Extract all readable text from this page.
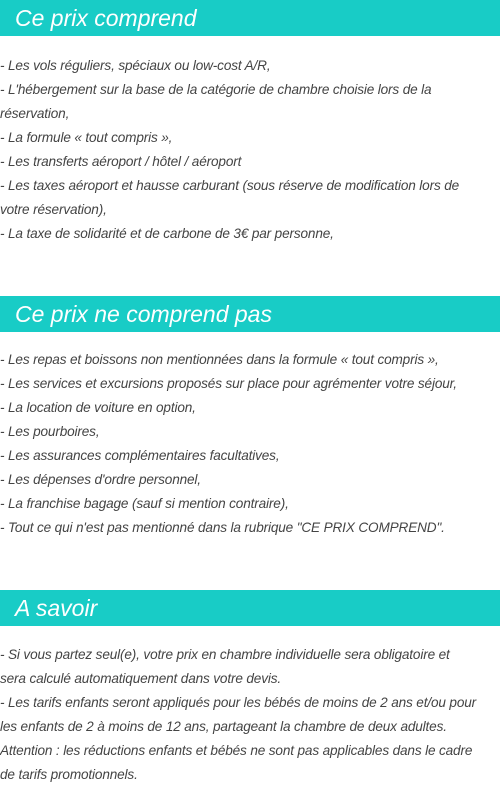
Ce prix comprend
- Les vols réguliers, spéciaux ou low-cost A/R,
- L'hébergement sur la base de la catégorie de chambre choisie lors de la
réservation,
- La formule « tout compris »,
- Les transferts aéroport / hôtel / aéroport
- Les taxes aéroport et hausse carburant (sous réserve de modification lors de
votre réservation),
- La taxe de solidarité et de carbone de 3€ par personne,
Ce prix ne comprend pas
- Les repas et boissons non mentionnées dans la formule « tout compris »,
- Les services et excursions proposés sur place pour agrémenter votre séjour,
- La location de voiture en option,
- Les pourboires,
- Les assurances complémentaires facultatives,
- Les dépenses d'ordre personnel,
- La franchise bagage (sauf si mention contraire),
- Tout ce qui n'est pas mentionné dans la rubrique "CE PRIX COMPREND".
A savoir
- Si vous partez seul(e), votre prix en chambre individuelle sera obligatoire et
sera calculé automatiquement dans votre devis.
- Les tarifs enfants seront appliqués pour les bébés de moins de 2 ans et/ou pour
les enfants de 2 à moins de 12 ans, partageant la chambre de deux adultes.
Attention : les réductions enfants et bébés ne sont pas applicables dans le cadre
de tarifs promotionnels.
